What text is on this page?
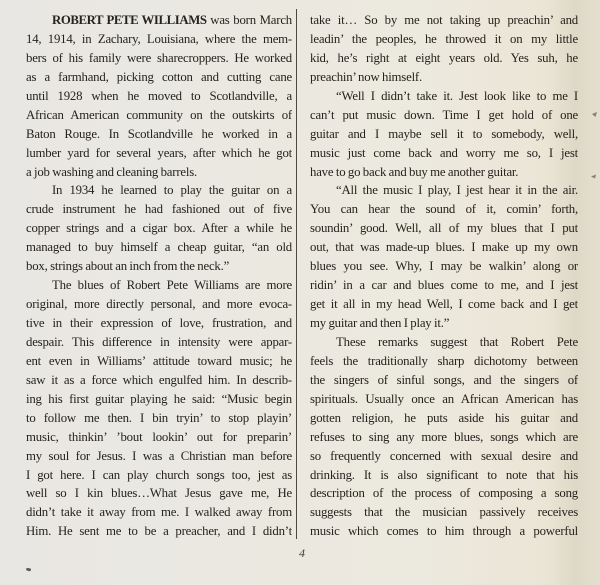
ROBERT PETE WILLIAMS was born March
14, 1914, in Zachary, Louisiana, where the mem-
bers of his family were sharecroppers. He worked
as a farmhand, picking cotton and cutting cane
until 1928 when he moved to Scotlandville, a
African American community on the outskirts of
Baton Rouge. In Scotlandville he worked in a
lumber yard for several years, after which he got
a job washing and cleaning barrels.
In 1934 he learned to play the guitar on a
crude instrument he had fashioned out of five
copper strings and a cigar box. After a while he
managed to buy himself a cheap guitar, “an old
box, strings about an inch from the neck.”
The blues of Robert Pete Williams are more
original, more directly personal, and more evoca-
tive in their expression of love, frustration, and
despair. This difference in intensity were appar-
ent even in Williams’ attitude toward music; he
saw it as a force which engulfed him. In describ-
ing his first guitar playing he said: “Music begin
to follow me then. I bin tryin’ to stop playin’
music, thinkin’ ’bout lookin’ out for preparin’
my soul for Jesus. I was a Christian man before
I got here. I can play church songs too, jest as
well so I kin blues…What Jesus gave me, He
didn’t take it away from me. I walked away from
Him. He sent me to be a preacher, and I didn’t
take it… So by me not taking up preachin’ and
leadin’ the peoples, he throwed it on my little
kid, he’s right at eight years old. Yes suh, he
preachin’ now himself.
“Well I didn’t take it. Jest look like to me I
can’t put music down. Time I get hold of one
guitar and I maybe sell it to somebody, well,
music just come back and worry me so, I jest
have to go back and buy me another guitar.
“All the music I play, I jest hear it in the air.
You can hear the sound of it, comin’ forth,
soundin’ good. Well, all of my blues that I put
out, that was made-up blues. I make up my own
blues you see. Why, I may be walkin’ along or
ridin’ in a car and blues come to me, and I jest
get it all in my head Well, I come back and I get
my guitar and then I play it.”
These remarks suggest that Robert Pete
feels the traditionally sharp dichotomy between
the singers of sinful songs, and the singers of
spirituals. Usually once an African American has
gotten religion, he puts aside his guitar and
refuses to sing any more blues, songs which are
so frequently concerned with sexual desire and
drinking. It is also significant to note that his
description of the process of composing a song
suggests that the musician passively receives
music which comes to him through a powerful
4
